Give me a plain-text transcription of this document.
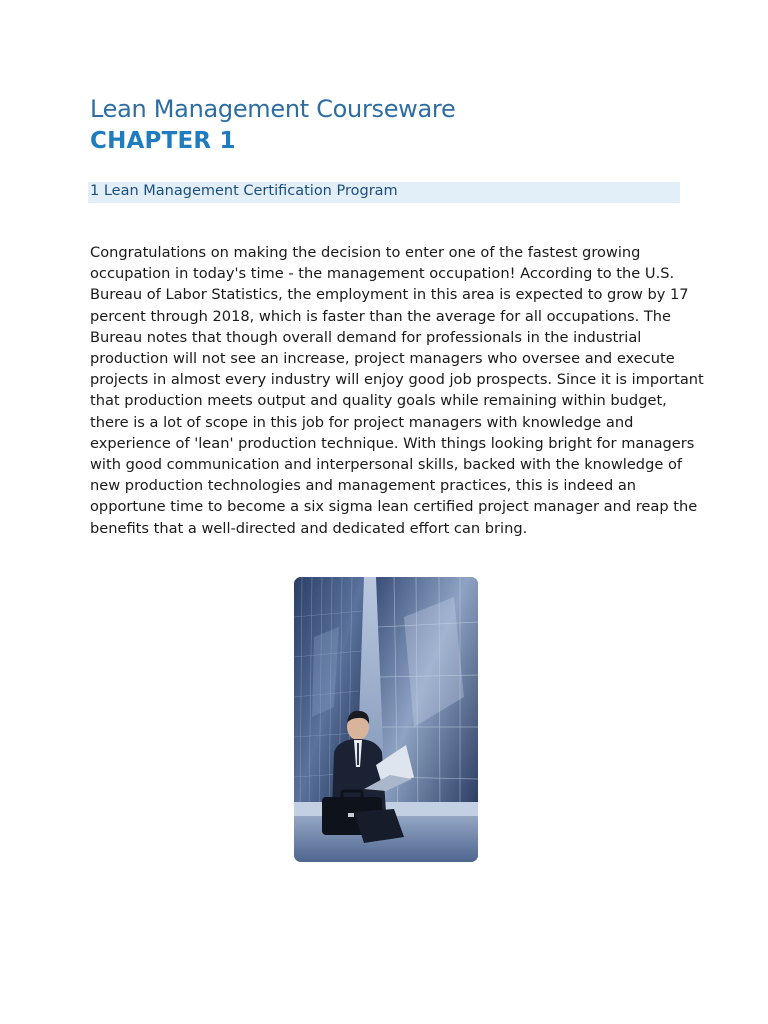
Lean Management Courseware
CHAPTER 1
1 Lean Management Certification Program
Congratulations on making the decision to enter one of the fastest growing
occupation in today's time - the management occupation! According to the U.S.
Bureau of Labor Statistics, the employment in this area is expected to grow by 17
percent through 2018, which is faster than the average for all occupations. The
Bureau notes that though overall demand for professionals in the industrial
production will not see an increase, project managers who oversee and execute
projects in almost every industry will enjoy good job prospects. Since it is important
that production meets output and quality goals while remaining within budget,
there is a lot of scope in this job for project managers with knowledge and
experience of 'lean' production technique. With things looking bright for managers
with good communication and interpersonal skills, backed with the knowledge of
new production technologies and management practices, this is indeed an
opportune time to become a six sigma lean certified project manager and reap the
benefits that a well-directed and dedicated effort can bring.
